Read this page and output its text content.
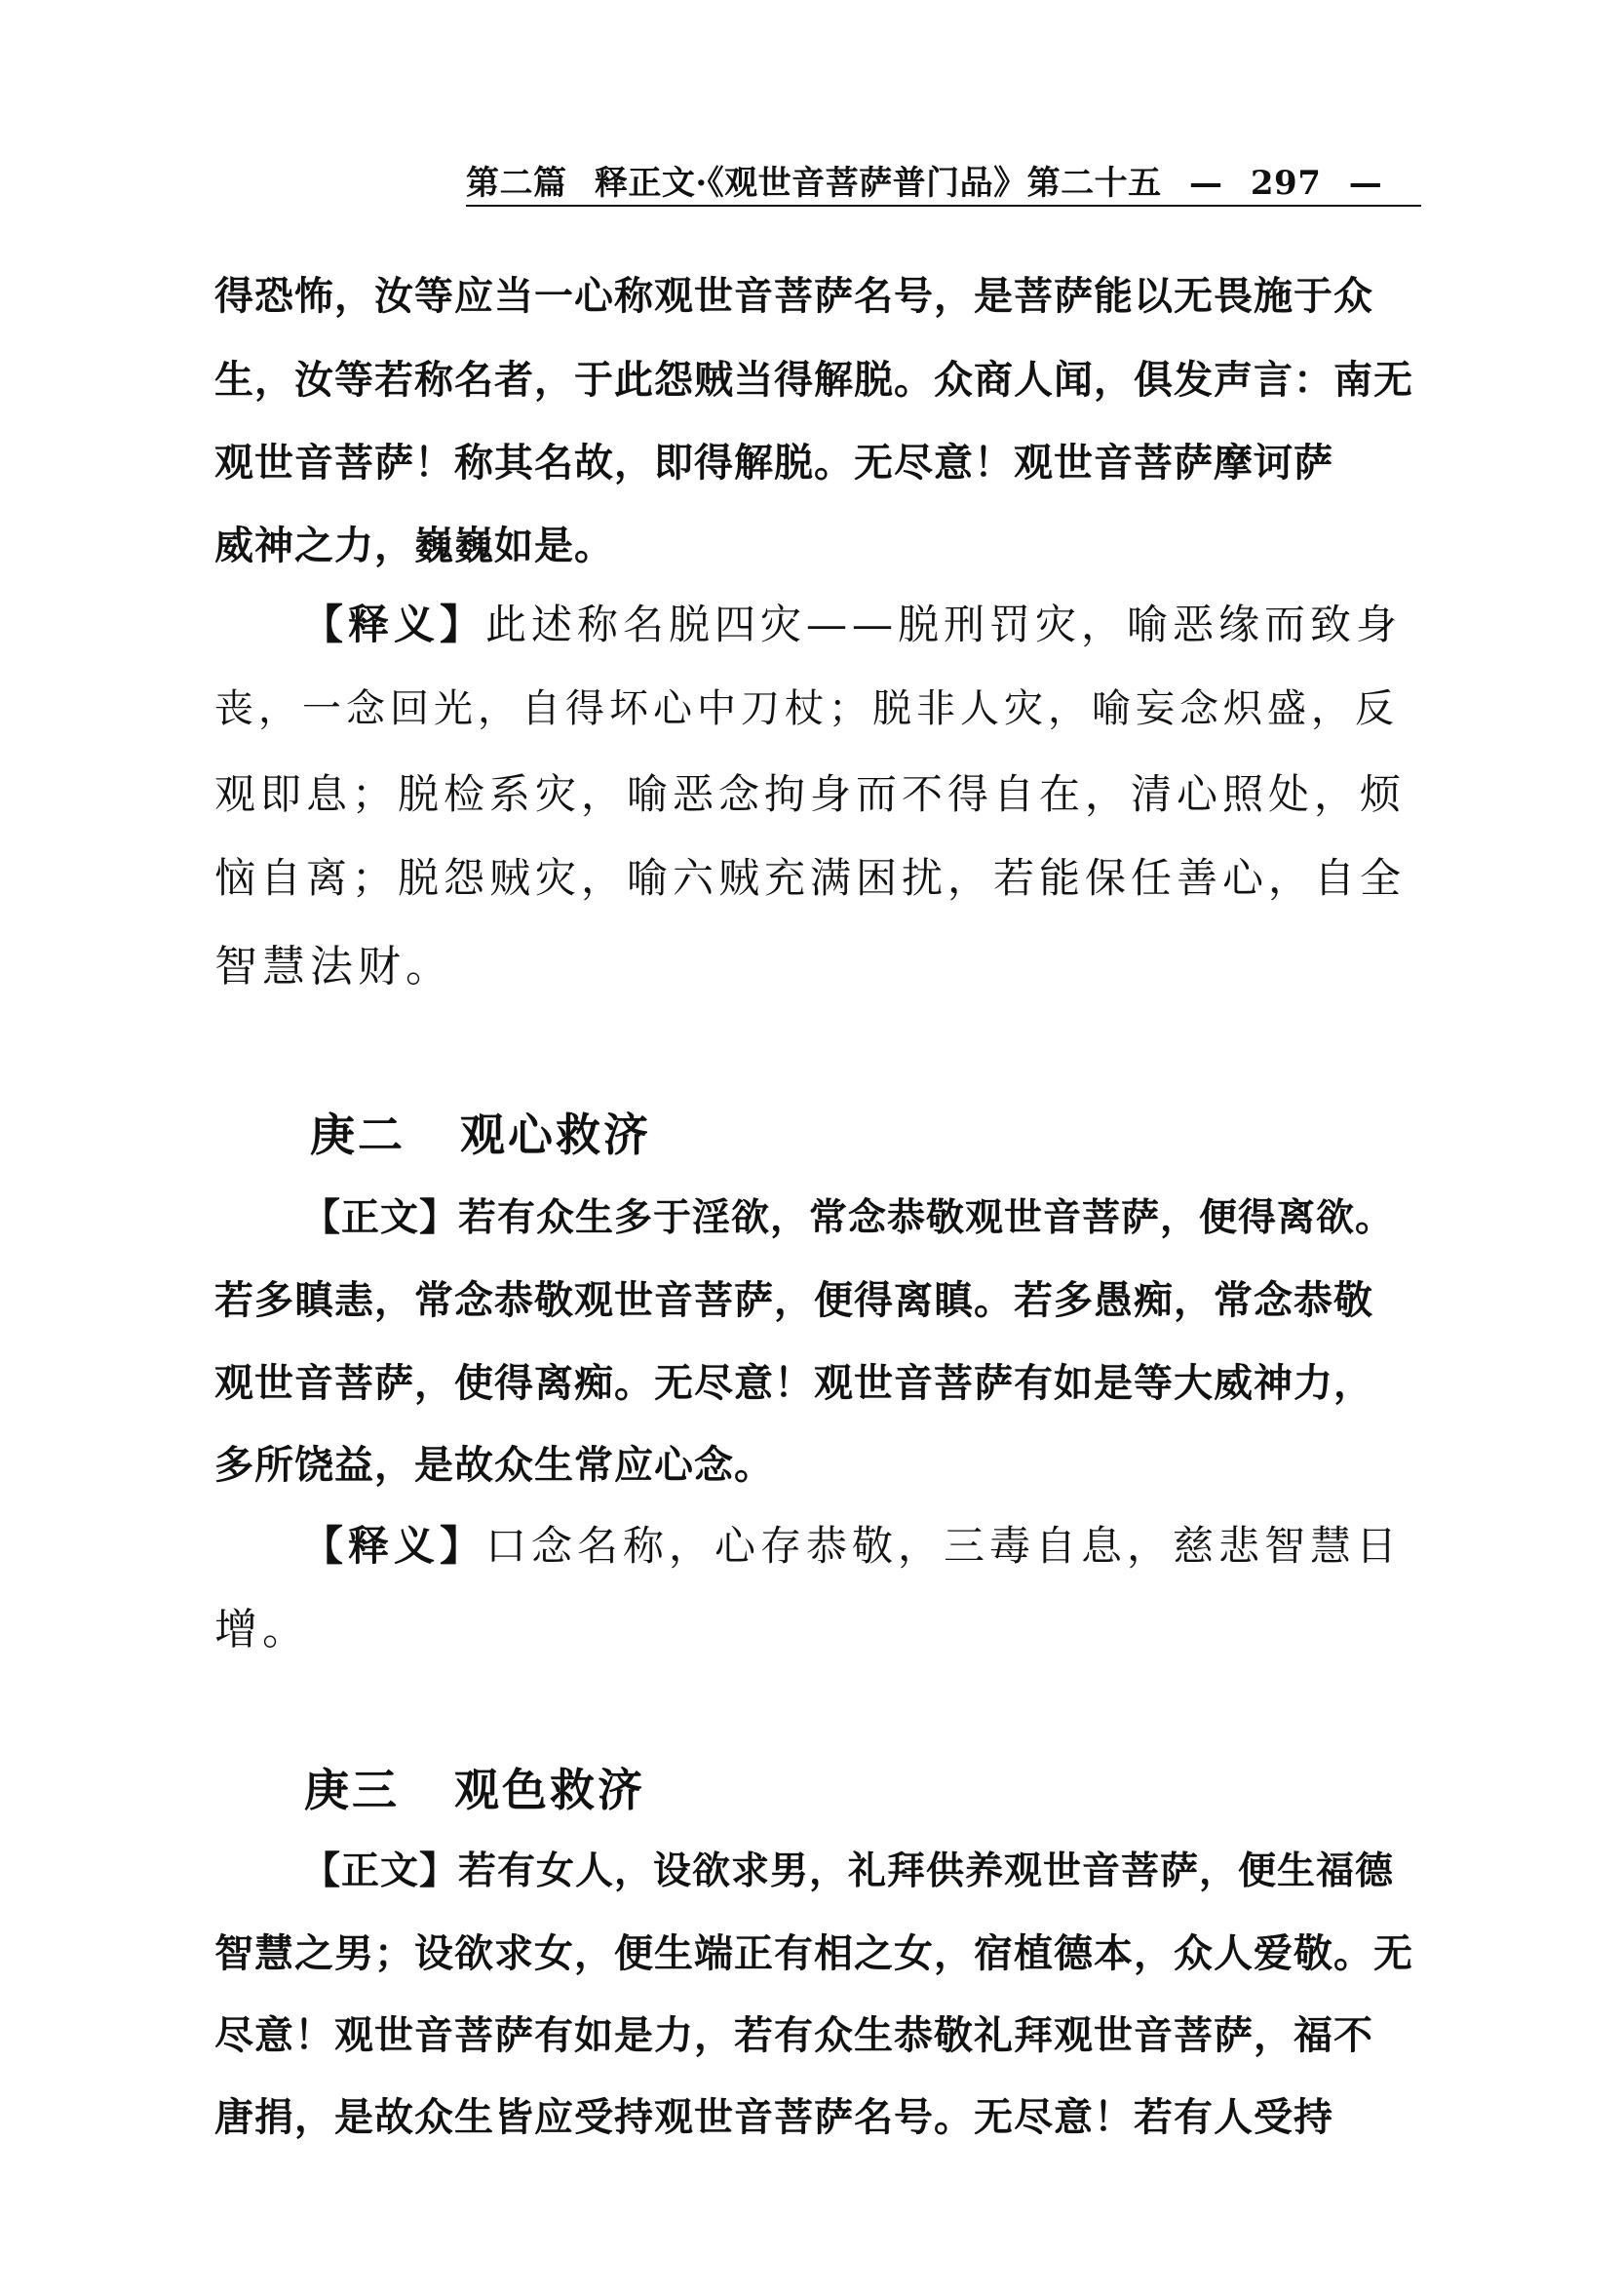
第二篇 释正文·《观世音菩萨普门品》第二十五 — 297 —
得恐怖，汝等应当一心称观世音菩萨名号，是菩萨能以无畏施于众
生，汝等若称名者，于此怨贼当得解脱。众商人闻，俱发声言：南无
观世音菩萨！称其名故，即得解脱。无尽意！观世音菩萨摩诃萨
威神之力，巍巍如是。
【释义】此述称名脱四灾——脱刑罚灾，喻恶缘而致身
丧，一念回光，自得坏心中刀杖；脱非人灾，喻妄念炽盛，反
观即息；脱检系灾，喻恶念拘身而不得自在，清心照处，烦
恼自离；脱怨贼灾，喻六贼充满困扰，若能保任善心，自全
智慧法财。
庚二 观心救济
【正文】若有众生多于淫欲，常念恭敬观世音菩萨，便得离欲。
若多瞋恚，常念恭敬观世音菩萨，便得离瞋。若多愚痴，常念恭敬
观世音菩萨，使得离痴。无尽意！观世音菩萨有如是等大威神力，
多所饶益，是故众生常应心念。
【释义】口念名称，心存恭敬，三毒自息，慈悲智慧日
增。
庚三 观色救济
【正文】若有女人，设欲求男，礼拜供养观世音菩萨，便生福德
智慧之男；设欲求女，便生端正有相之女，宿植德本，众人爱敬。无
尽意！观世音菩萨有如是力，若有众生恭敬礼拜观世音菩萨，福不
唐捐，是故众生皆应受持观世音菩萨名号。无尽意！若有人受持
